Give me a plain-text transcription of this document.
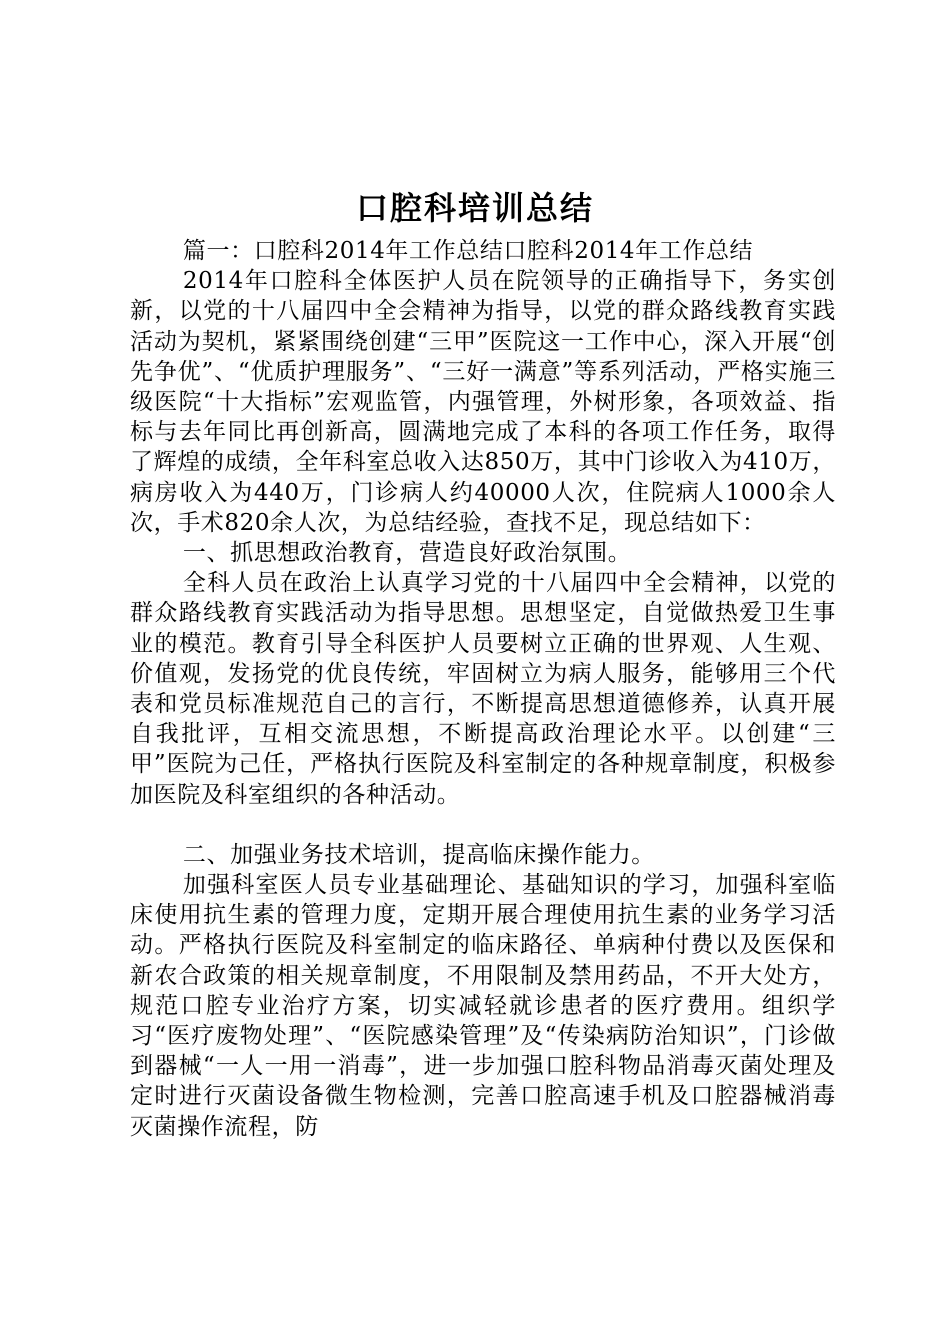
口腔科培训总结

篇一：口腔科2014年工作总结口腔科2014年工作总结

2014年口腔科全体医护人员在院领导的正确指导下，务实创新，以党的十八届四中全会精神为指导，以党的群众路线教育实践活动为契机，紧紧围绕创建“三甲”医院这一工作中心，深入开展“创先争优”、“优质护理服务”、“三好一满意”等系列活动，严格实施三级医院“十大指标”宏观监管，内强管理，外树形象，各项效益、指标与去年同比再创新高，圆满地完成了本科的各项工作任务，取得了辉煌的成绩，全年科室总收入达850万，其中门诊收入为410万，病房收入为440万，门诊病人约40000人次，住院病人1000余人次，手术820余人次，为总结经验，查找不足，现总结如下：

一、抓思想政治教育，营造良好政治氛围。

全科人员在政治上认真学习党的十八届四中全会精神，以党的群众路线教育实践活动为指导思想。思想坚定，自觉做热爱卫生事业的模范。教育引导全科医护人员要树立正确的世界观、人生观、价值观，发扬党的优良传统，牢固树立为病人服务，能够用三个代表和党员标准规范自己的言行，不断提高思想道德修养，认真开展自我批评，互相交流思想，不断提高政治理论水平。以创建“三甲”医院为己任，严格执行医院及科室制定的各种规章制度，积极参加医院及科室组织的各种活动。

二、加强业务技术培训，提高临床操作能力。

加强科室医人员专业基础理论、基础知识的学习，加强科室临床使用抗生素的管理力度，定期开展合理使用抗生素的业务学习活动。严格执行医院及科室制定的临床路径、单病种付费以及医保和新农合政策的相关规章制度，不用限制及禁用药品，不开大处方，规范口腔专业治疗方案，切实减轻就诊患者的医疗费用。组织学习“医疗废物处理”、“医院感染管理”及“传染病防治知识”，门诊做到器械“一人一用一消毒”，进一步加强口腔科物品消毒灭菌处理及定时进行灭菌设备微生物检测，完善口腔高速手机及口腔器械消毒灭菌操作流程，防
